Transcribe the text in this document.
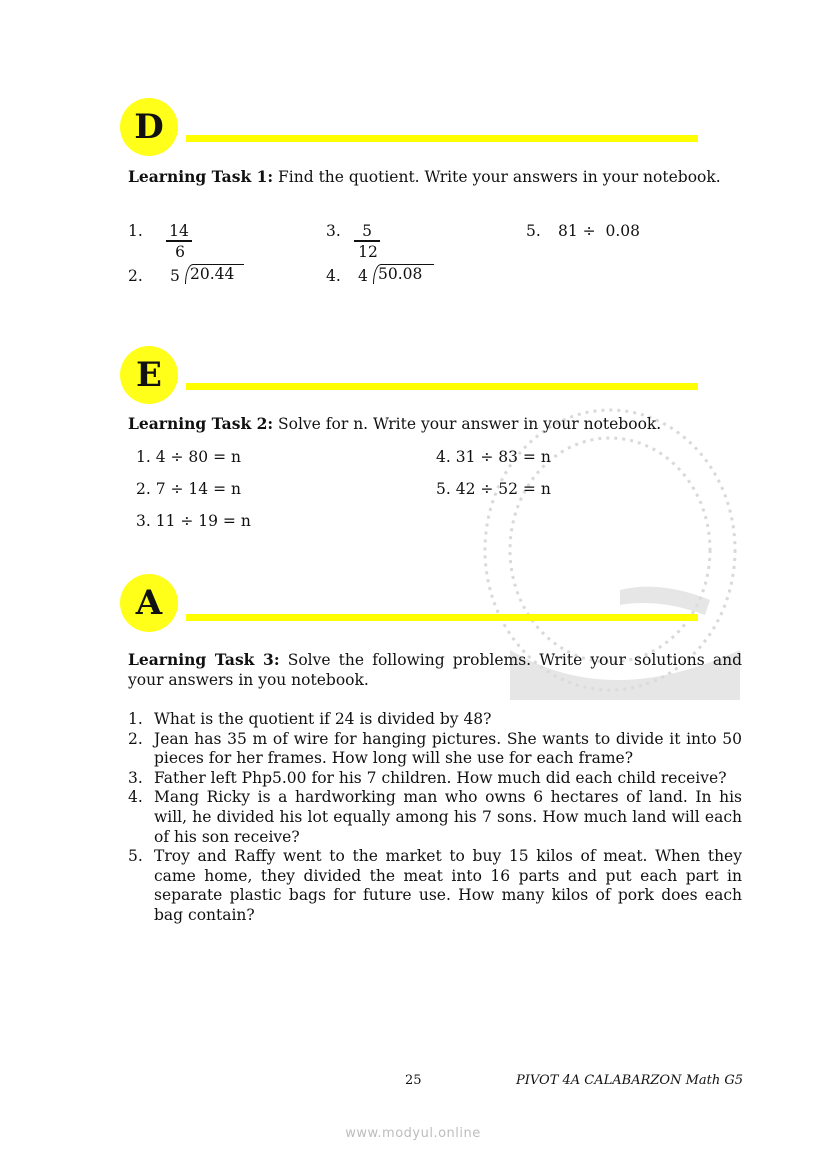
D
Learning Task 1: Find the quotient. Write your answers in your notebook.
1. $\frac{14}{6}$
2. 5 20.44
3. $\frac{5}{12}$
4. 4 50.08
5. 81 ÷  0.08
E
Learning Task 2: Solve for n. Write your answer in your notebook.
1. 4 ÷ 80 = n
2. 7 ÷ 14 = n
3. 11 ÷ 19 = n
4. 31 ÷ 83 = n
5. 42 ÷ 52 = n
A
Learning Task 3: Solve the following problems. Write your solutions and your answers in you notebook.
1. What is the quotient if 24 is divided by 48?
2. Jean has 35 m of wire for hanging pictures. She wants to divide it into 50 pieces for her frames. How long will she use for each frame?
3. Father left Php5.00 for his 7 children. How much did each child receive?
4. Mang Ricky is a hardworking man who owns 6 hectares of land. In his will, he divided his lot equally among his 7 sons. How much land will each of his son receive?
5. Troy and Raffy went to the market to buy 15 kilos of meat. When they came home, they divided the meat into 16 parts and put each part in separate plastic bags for future use. How many kilos of pork does each bag contain?
25	PIVOT 4A CALABARZON Math G5
www.modyul.online
